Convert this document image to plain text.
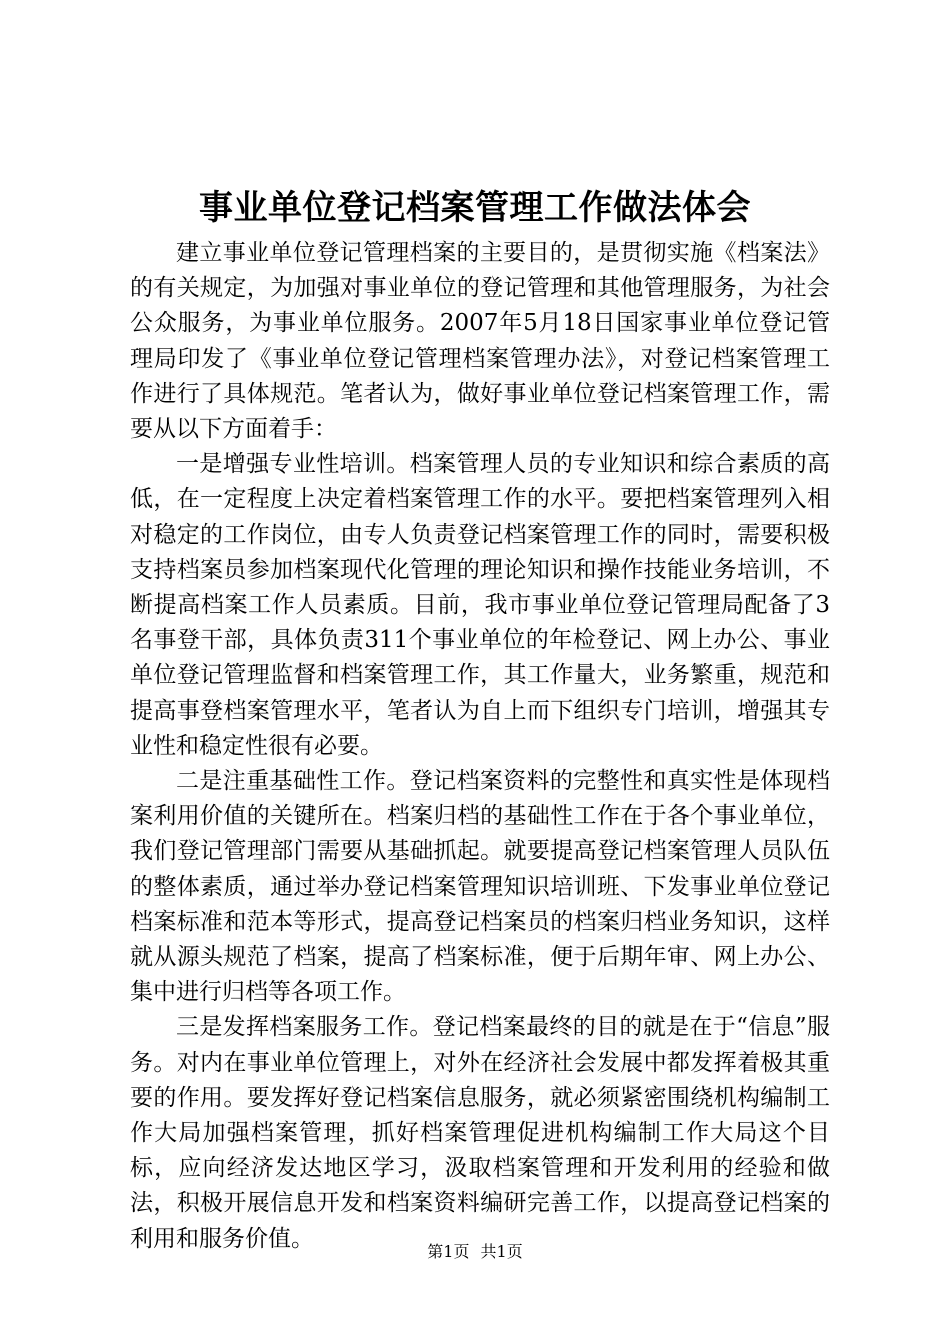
事业单位登记档案管理工作做法体会

建立事业单位登记管理档案的主要目的，是贯彻实施《档案法》的有关规定，为加强对事业单位的登记管理和其他管理服务，为社会公众服务，为事业单位服务。2007年5月18日国家事业单位登记管理局印发了《事业单位登记管理档案管理办法》，对登记档案管理工作进行了具体规范。笔者认为，做好事业单位登记档案管理工作，需要从以下方面着手：

一是增强专业性培训。档案管理人员的专业知识和综合素质的高低，在一定程度上决定着档案管理工作的水平。要把档案管理列入相对稳定的工作岗位，由专人负责登记档案管理工作的同时，需要积极支持档案员参加档案现代化管理的理论知识和操作技能业务培训，不断提高档案工作人员素质。目前，我市事业单位登记管理局配备了3名事登干部，具体负责311个事业单位的年检登记、网上办公、事业单位登记管理监督和档案管理工作，其工作量大，业务繁重，规范和提高事登档案管理水平，笔者认为自上而下组织专门培训，增强其专业性和稳定性很有必要。

二是注重基础性工作。登记档案资料的完整性和真实性是体现档案利用价值的关键所在。档案归档的基础性工作在于各个事业单位，我们登记管理部门需要从基础抓起。就要提高登记档案管理人员队伍的整体素质，通过举办登记档案管理知识培训班、下发事业单位登记档案标准和范本等形式，提高登记档案员的档案归档业务知识，这样就从源头规范了档案，提高了档案标准，便于后期年审、网上办公、集中进行归档等各项工作。

三是发挥档案服务工作。登记档案最终的目的就是在于“信息”服务。对内在事业单位管理上，对外在经济社会发展中都发挥着极其重要的作用。要发挥好登记档案信息服务，就必须紧密围绕机构编制工作大局加强档案管理，抓好档案管理促进机构编制工作大局这个目标，应向经济发达地区学习，汲取档案管理和开发利用的经验和做法，积极开展信息开发和档案资料编研完善工作，以提高登记档案的利用和服务价值。	第1页 共1页
